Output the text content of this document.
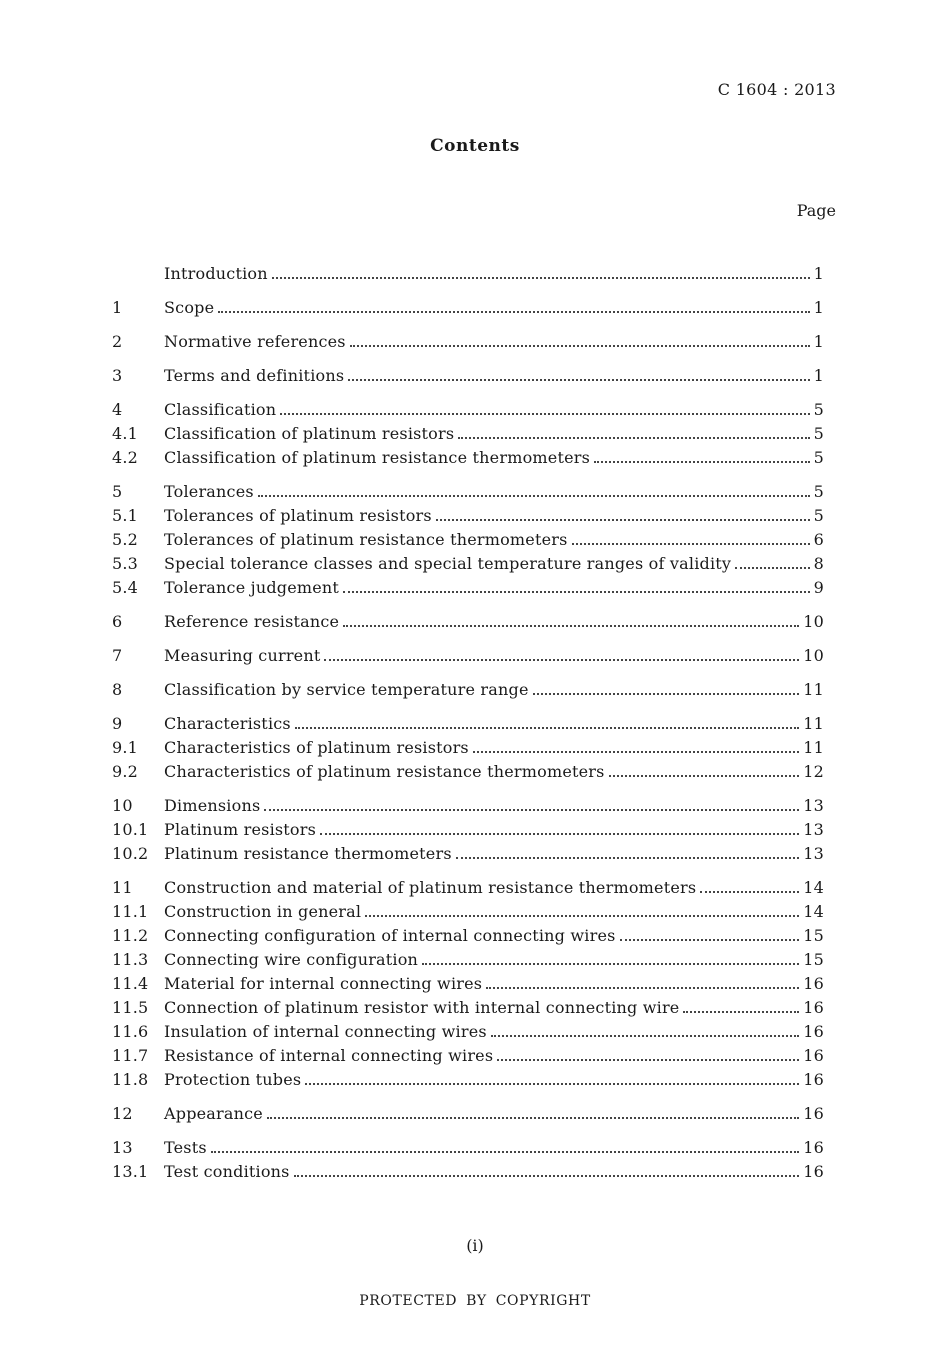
C 1604 : 2013
Contents
Page
Introduction	1
1	Scope	1
2	Normative references	1
3	Terms and definitions	1
4	Classification	5
4.1	Classification of platinum resistors	5
4.2	Classification of platinum resistance thermometers	5
5	Tolerances	5
5.1	Tolerances of platinum resistors	5
5.2	Tolerances of platinum resistance thermometers	6
5.3	Special tolerance classes and special temperature ranges of validity	8
5.4	Tolerance judgement	9
6	Reference resistance	10
7	Measuring current	10
8	Classification by service temperature range	11
9	Characteristics	11
9.1	Characteristics of platinum resistors	11
9.2	Characteristics of platinum resistance thermometers	12
10	Dimensions	13
10.1 Platinum resistors	13
10.2 Platinum resistance thermometers	13
11	Construction and material of platinum resistance thermometers	14
11.1 Construction in general	14
11.2 Connecting configuration of internal connecting wires	15
11.3 Connecting wire configuration	15
11.4 Material for internal connecting wires	16
11.5 Connection of platinum resistor with internal connecting wire	16
11.6 Insulation of internal connecting wires	16
11.7 Resistance of internal connecting wires	16
11.8 Protection tubes	16
12	Appearance	16
13	Tests	16
13.1 Test conditions	16
(i)
PROTECTED BY COPYRIGHT
